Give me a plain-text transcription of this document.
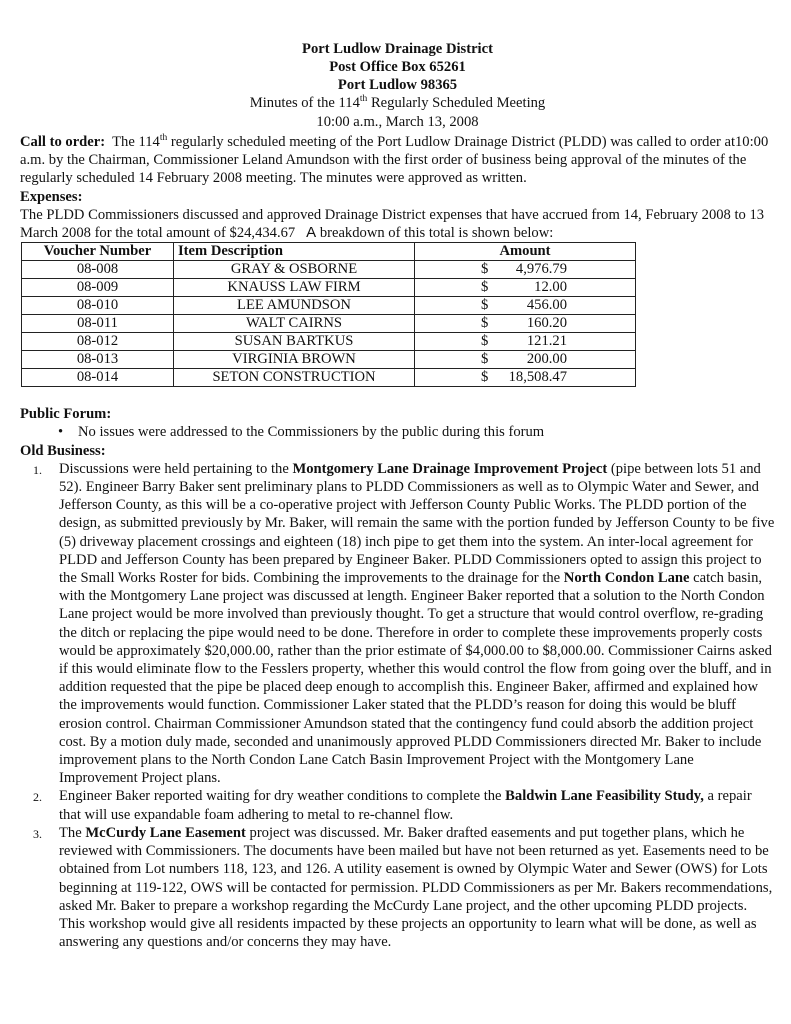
Port Ludlow Drainage District
Post Office Box 65261
Port Ludlow 98365
Minutes of the 114th Regularly Scheduled Meeting
10:00 a.m., March 13, 2008

Call to order:  The 114th regularly scheduled meeting of the Port Ludlow Drainage District (PLDD) was called to order at10:00 a.m. by the Chairman, Commissioner Leland Amundson with the first order of business being approval of the minutes of the regularly scheduled 14 February 2008 meeting. The minutes were approved as written.

Expenses:

The PLDD Commissioners discussed and approved Drainage District expenses that have accrued from 14, February 2008 to 13 March 2008 for the total amount of $24,434.67   A breakdown of this total is shown below:

Voucher Number	Item Description	Amount
08-008	GRAY & OSBORNE	$ 4,976.79

08-009	KNAUSS LAW FIRM	$ 12.00

08-010	LEE AMUNDSON	$ 456.00

08-011	WALT CAIRNS	$ 160.20

08-012	SUSAN BARTKUS	$ 121.21

08-013	VIRGINIA BROWN	$ 200.00

08-014	SETON CONSTRUCTION	$ 18,508.47
Public Forum:
• No issues were addressed to the Commissioners by the public during this forum
Old Business:
1. Discussions were held pertaining to the Montgomery Lane Drainage Improvement Project (pipe between lots 51 and 52). Engineer Barry Baker sent preliminary plans to PLDD Commissioners as well as to Olympic Water and Sewer, and Jefferson County, as this will be a co-operative project with Jefferson County Public Works. The PLDD portion of the design, as submitted previously by Mr. Baker, will remain the same with the portion funded by Jefferson County to be five (5) driveway placement crossings and eighteen (18) inch pipe to get them into the system. An inter-local agreement for PLDD and Jefferson County has been prepared by Engineer Baker. PLDD Commissioners opted to assign this project to the Small Works Roster for bids. Combining the improvements to the drainage for the North Condon Lane catch basin, with the Montgomery Lane project was discussed at length. Engineer Baker reported that a solution to the North Condon Lane project would be more involved than previously thought. To get a structure that would control overflow, re-grading the ditch or replacing the pipe would need to be done. Therefore in order to complete these improvements properly costs would be approximately $20,000.00, rather than the prior estimate of $4,000.00 to $8,000.00. Commissioner Cairns asked if this would eliminate flow to the Fesslers property, whether this would control the flow from going over the bluff, and in addition requested that the pipe be placed deep enough to accomplish this. Engineer Baker, affirmed and explained how the improvements would function. Commissioner Laker stated that the PLDD’s reason for doing this would be bluff erosion control. Chairman Commissioner Amundson stated that the contingency fund could absorb the addition project cost. By a motion duly made, seconded and unanimously approved PLDD Commissioners directed Mr. Baker to include improvement plans to the North Condon Lane Catch Basin Improvement Project with the Montgomery Lane Improvement Project plans.
2. Engineer Baker reported waiting for dry weather conditions to complete the Baldwin Lane Feasibility Study, a repair that will use expandable foam adhering to metal to re-channel flow.
3. The McCurdy Lane Easement project was discussed. Mr. Baker drafted easements and put together plans, which he reviewed with Commissioners. The documents have been mailed but have not been returned as yet. Easements need to be obtained from Lot numbers 118, 123, and 126. A utility easement is owned by Olympic Water and Sewer (OWS) for Lots beginning at 119-122, OWS will be contacted for permission. PLDD Commissioners as per Mr. Bakers recommendations, asked Mr. Baker to prepare a workshop regarding the McCurdy Lane project, and the other upcoming PLDD projects. This workshop would give all residents impacted by these projects an opportunity to learn what will be done, as well as answering any questions and/or concerns they may have.
